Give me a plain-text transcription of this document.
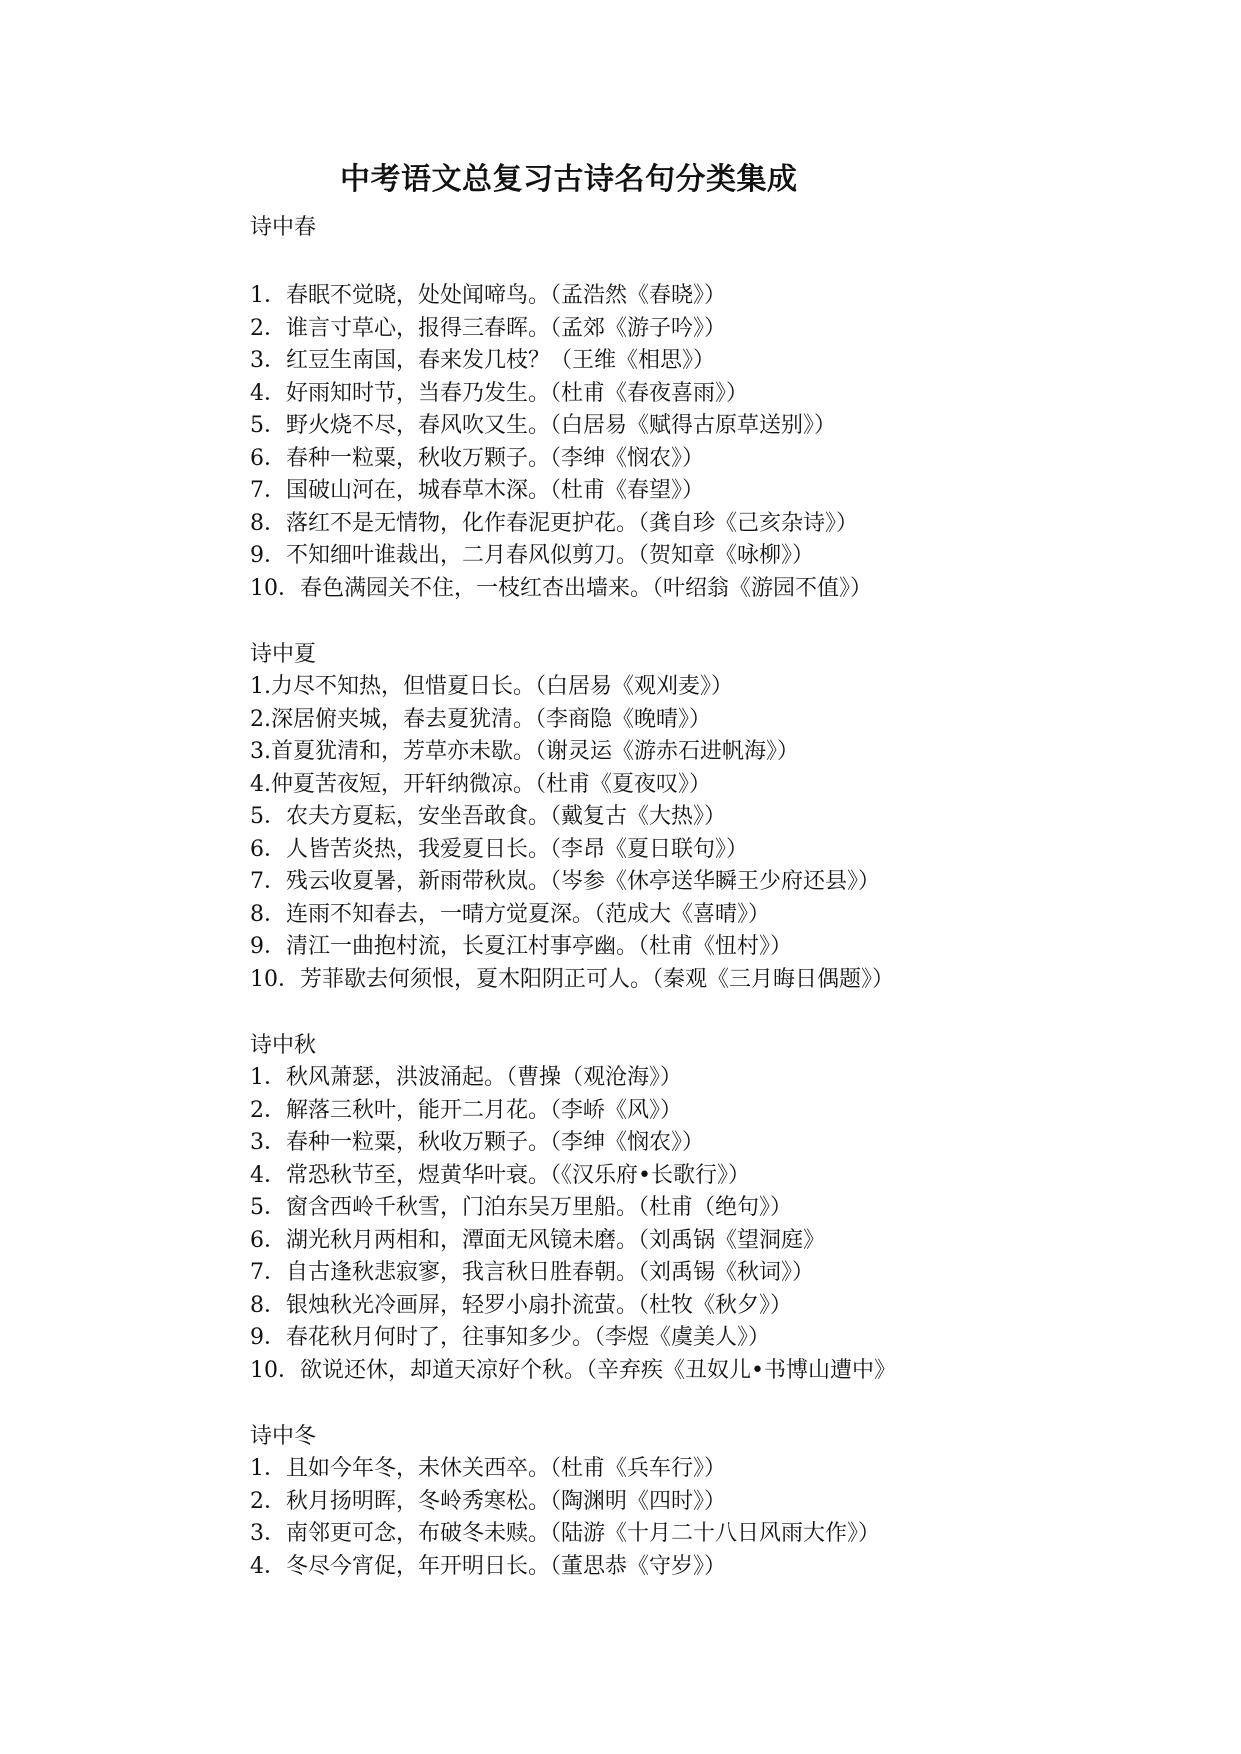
中考语文总复习古诗名句分类集成
诗中春
1．春眠不觉晓，处处闻啼鸟。（孟浩然《春晓》）
2．谁言寸草心，报得三春晖。（孟郊《游子吟》）
3．红豆生南国，春来发几枝？（王维《相思》）
4．好雨知时节，当春乃发生。（杜甫《春夜喜雨》）
5．野火烧不尽，春风吹又生。（白居易《赋得古原草送别》）
6．春种一粒粟，秋收万颗子。（李绅《悯农》）
7．国破山河在，城春草木深。（杜甫《春望》）
8．落红不是无情物，化作春泥更护花。（龚自珍《己亥杂诗》）
9．不知细叶谁裁出，二月春风似剪刀。（贺知章《咏柳》）
10．春色满园关不住，一枝红杏出墙来。（叶绍翁《游园不值》）
诗中夏
1.力尽不知热，但惜夏日长。（白居易《观刈麦》）
2.深居俯夹城，春去夏犹清。（李商隐《晚晴》）
3.首夏犹清和，芳草亦未歇。（谢灵运《游赤石进帆海》）
4.仲夏苦夜短，开轩纳微凉。（杜甫《夏夜叹》）
5．农夫方夏耘，安坐吾敢食。（戴复古《大热》）
6．人皆苦炎热，我爱夏日长。（李昂《夏日联句》）
7．残云收夏暑，新雨带秋岚。（岑参《休亭送华瞬王少府还县》）
8．连雨不知春去，一晴方觉夏深。（范成大《喜晴》）
9．清江一曲抱村流，长夏江村事亭幽。（杜甫《忸村》）
10．芳菲歇去何须恨，夏木阳阴正可人。（秦观《三月晦日偶题》）
诗中秋
1．秋风萧瑟，洪波涌起。（曹操（观沧海》）
2．解落三秋叶，能开二月花。（李峤《风》）
3．春种一粒粟，秋收万颗子。（李绅《悯农》）
4．常恐秋节至，煜黄华叶衰。（《汉乐府•长歌行》）
5．窗含西岭千秋雪，门泊东吴万里船。（杜甫（绝句》）
6．湖光秋月两相和，潭面无风镜未磨。（刘禹锅《望洞庭》
7．自古逢秋悲寂寥，我言秋日胜春朝。（刘禹锡《秋词》）
8．银烛秋光冷画屏，轻罗小扇扑流萤。（杜牧《秋夕》）
9．春花秋月何时了，往事知多少。（李煜《虞美人》）
10．欲说还休，却道天凉好个秋。（辛弃疾《丑奴儿•书博山遭中》
诗中冬
1．且如今年冬，未休关西卒。（杜甫《兵车行》）
2．秋月扬明晖，冬岭秀寒松。（陶渊明《四时》）
3．南邻更可念，布破冬未赎。（陆游《十月二十八日风雨大作》）
4．冬尽今宵促，年开明日长。（董思恭《守岁》）
